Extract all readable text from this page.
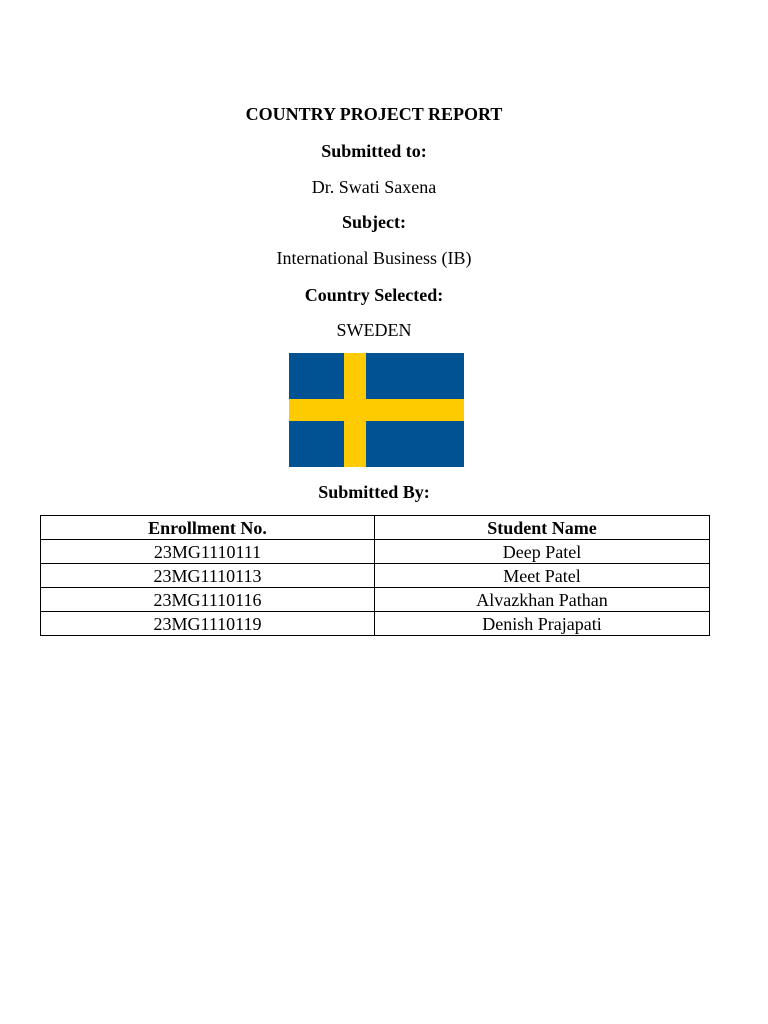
COUNTRY PROJECT REPORT
Submitted to:
Dr. Swati Saxena
Subject:
International Business (IB)
Country Selected:
SWEDEN
Submitted By:
Enrollment No.	Student Name
23MG1110111	Deep Patel
23MG1110113	Meet Patel
23MG1110116	Alvazkhan Pathan
23MG1110119	Denish Prajapati
